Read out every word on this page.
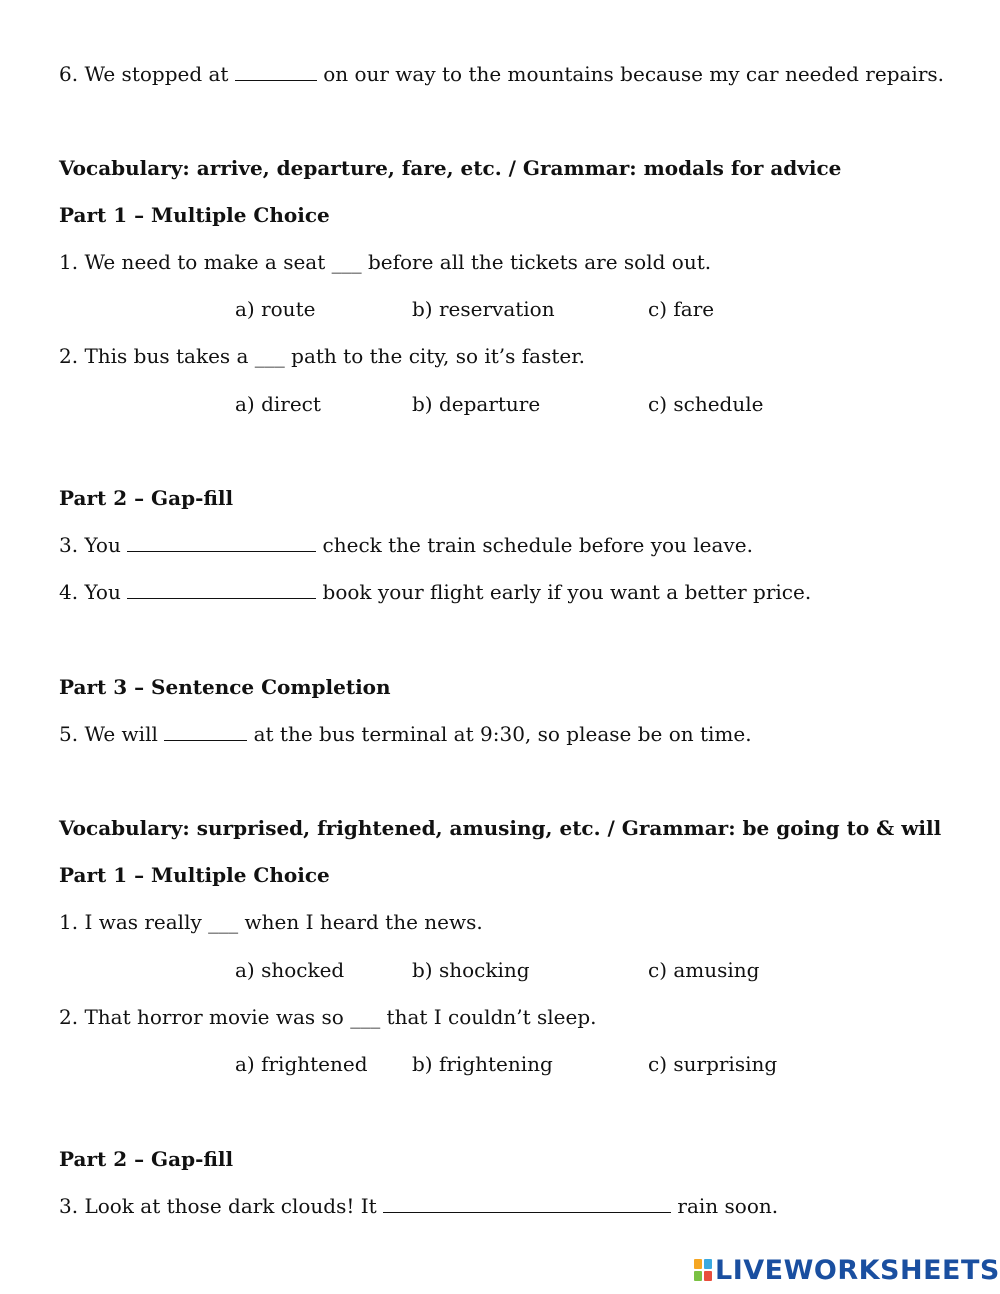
6. We stopped at	on our way to the mountains because my car needed repairs.
Vocabulary: arrive, departure, fare, etc. / Grammar: modals for advice
Part 1 – Multiple Choice
1. We need to make a seat ___ before all the tickets are sold out.
a) route	b) reservation	c) fare
2. This bus takes a ___ path to the city, so it’s faster.
a) direct	b) departure	c) schedule
Part 2 – Gap-fill
3. You	check the train schedule before you leave.
4. You	book your flight early if you want a better price.
Part 3 – Sentence Completion
5. We will	at the bus terminal at 9:30, so please be on time.
Vocabulary: surprised, frightened, amusing, etc. / Grammar: be going to & will
Part 1 – Multiple Choice
1. I was really ___ when I heard the news.
a) shocked	b) shocking	c) amusing
2. That horror movie was so ___ that I couldn’t sleep.
a) frightened b) frightening	c) surprising
Part 2 – Gap-fill
3. Look at those dark clouds! It	rain soon.
LIVEWORKSHEETS
